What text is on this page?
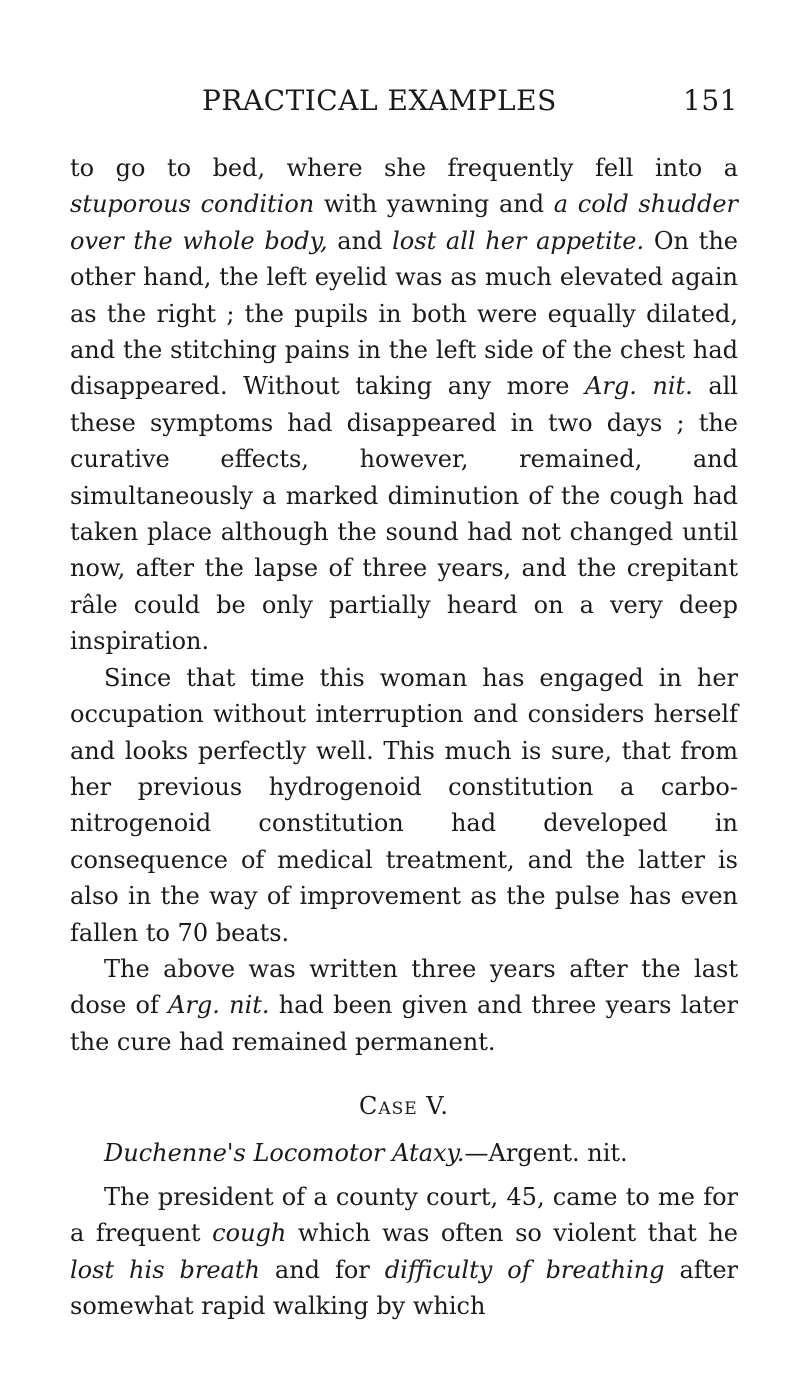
PRACTICAL EXAMPLES	151

to go to bed, where she frequently fell into a stuporous condition with yawning and a cold shudder over the whole body, and lost all her appetite. On the other hand, the left eyelid was as much elevated again as the right ; the pupils in both were equally dilated, and the stitching pains in the left side of the chest had disappeared. Without taking any more Arg. nit. all these symptoms had disappeared in two days ; the curative effects, however, remained, and simultaneously a marked diminution of the cough had taken place although the sound had not changed until now, after the lapse of three years, and the crepitant râle could be only partially heard on a very deep inspiration.

Since that time this woman has engaged in her occupation without interruption and considers herself and looks perfectly well. This much is sure, that from her previous hydrogenoid constitution a carbo-nitrogenoid constitution had developed in consequence of medical treatment, and the latter is also in the way of improvement as the pulse has even fallen to 70 beats.

The above was written three years after the last dose of Arg. nit. had been given and three years later the cure had remained permanent.

Case V.

Duchenne's Locomotor Ataxy.—Argent. nit.

The president of a county court, 45, came to me for a frequent cough which was often so violent that he lost his breath and for difficulty of breathing after somewhat rapid walking by which
